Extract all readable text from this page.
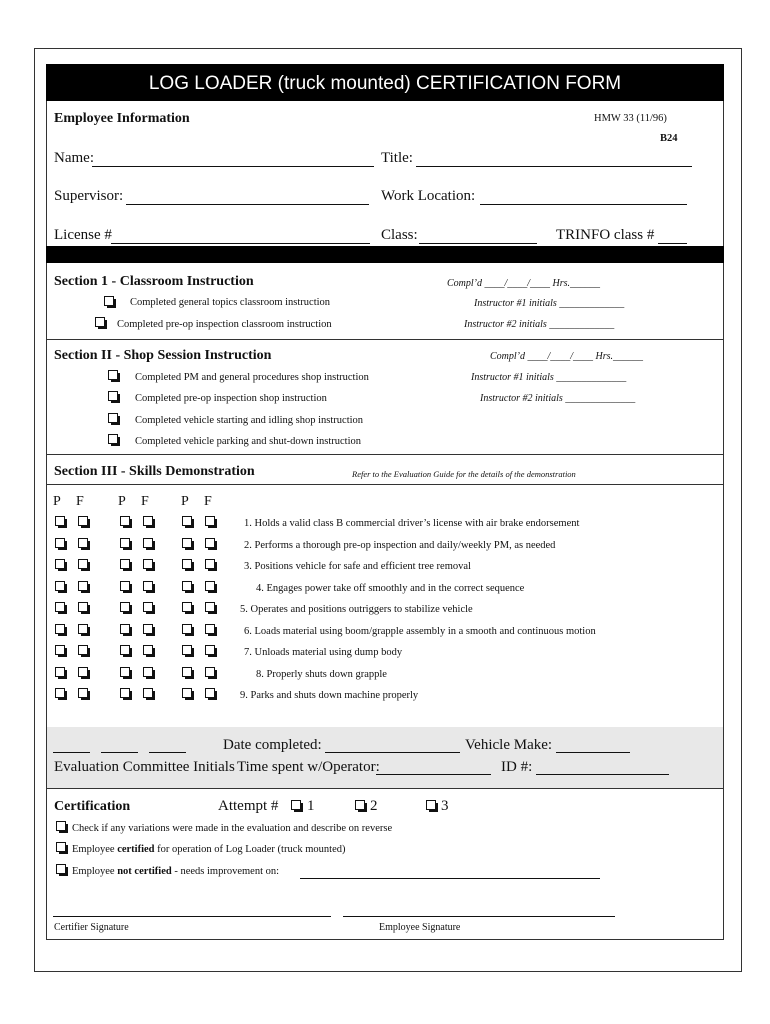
LOG LOADER (truck mounted) CERTIFICATION FORM
Employee Information	HMW 33 (11/96)
B24
Name:	Title:
Supervisor:	Work Location:
License #	Class:	TRINFO class #
Section 1 - Classroom Instruction	Compl’d ____/____/____ Hrs.______
Completed general topics classroom instruction	Instructor #1 initials _____________
Completed pre-op inspection classroom instruction	Instructor #2 initials _____________
Section II - Shop Session Instruction	Compl’d ____/____/____ Hrs.______
Completed PM and general procedures shop instruction	Instructor #1 initials ______________
Completed pre-op inspection shop instruction	Instructor #2 initials ______________
Completed vehicle starting and idling shop instruction
Completed vehicle parking and shut-down instruction
Section III - Skills Demonstration	Refer to the Evaluation Guide for the details of the demonstration
P F P F P F
1. Holds a valid class B commercial driver’s license with air brake endorsement
2. Performs a thorough pre-op inspection and daily/weekly PM, as needed
3. Positions vehicle for safe and efficient tree removal
4. Engages power take off smoothly and in the correct sequence
5. Operates and positions outriggers to stabilize vehicle
6. Loads material using boom/grapple assembly in a smooth and continuous motion
7. Unloads material using dump body
8. Properly shuts down grapple
9. Parks and shuts down machine properly
Date completed:	Vehicle Make:
Evaluation Committee Initials Time spent w/Operator:	ID #:
Certification	Attempt # 1	2	3
Check if any variations were made in the evaluation and describe on reverse
Employee certified for operation of Log Loader (truck mounted)
Employee not certified - needs improvement on:
Certifier Signature	Employee Signature
